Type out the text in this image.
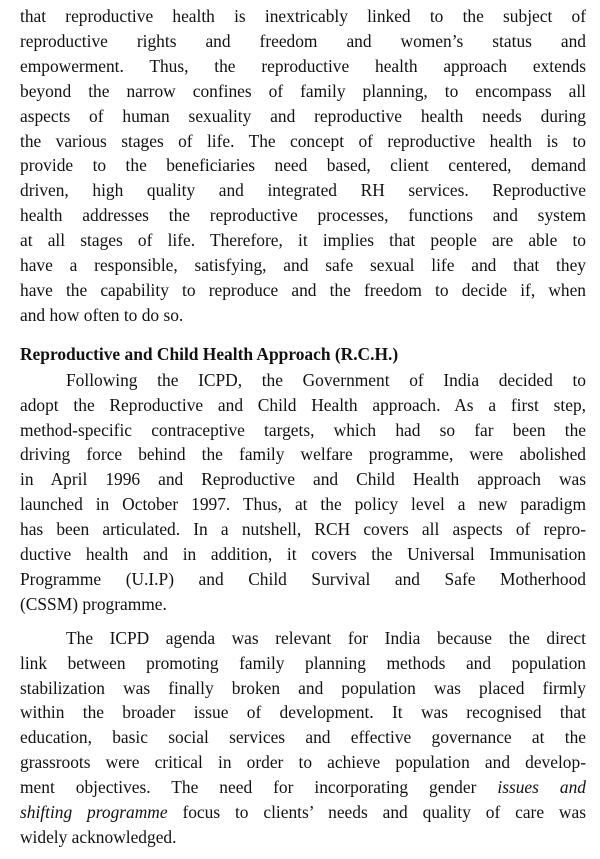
that reproductive health is inextricably linked to the subject of
reproductive rights and freedom and women’s status and
empowerment. Thus, the reproductive health approach extends
beyond the narrow confines of family planning, to encompass all
aspects of human sexuality and reproductive health needs during
the various stages of life. The concept of reproductive health is to
provide to the beneficiaries need based, client centered, demand
driven, high quality and integrated RH services. Reproductive
health addresses the reproductive processes, functions and system
at all stages of life. Therefore, it implies that people are able to
have a responsible, satisfying, and safe sexual life and that they
have the capability to reproduce and the freedom to decide if, when
and how often to do so.
Reproductive and Child Health Approach (R.C.H.)
Following the ICPD, the Government of India decided to
adopt the Reproductive and Child Health approach. As a first step,
method-specific contraceptive targets, which had so far been the
driving force behind the family welfare programme, were abolished
in April 1996 and Reproductive and Child Health approach was
launched in October 1997. Thus, at the policy level a new paradigm
has been articulated. In a nutshell, RCH covers all aspects of repro-
ductive health and in addition, it covers the Universal Immunisation
Programme (U.I.P) and Child Survival and Safe Motherhood
(CSSM) programme.
The ICPD agenda was relevant for India because the direct
link between promoting family planning methods and population
stabilization was finally broken and population was placed firmly
within the broader issue of development. It was recognised that
education, basic social services and effective governance at the
grassroots were critical in order to achieve population and develop-
ment objectives. The need for incorporating gender issues and
shifting programme focus to clients’ needs and quality of care was
widely acknowledged.
